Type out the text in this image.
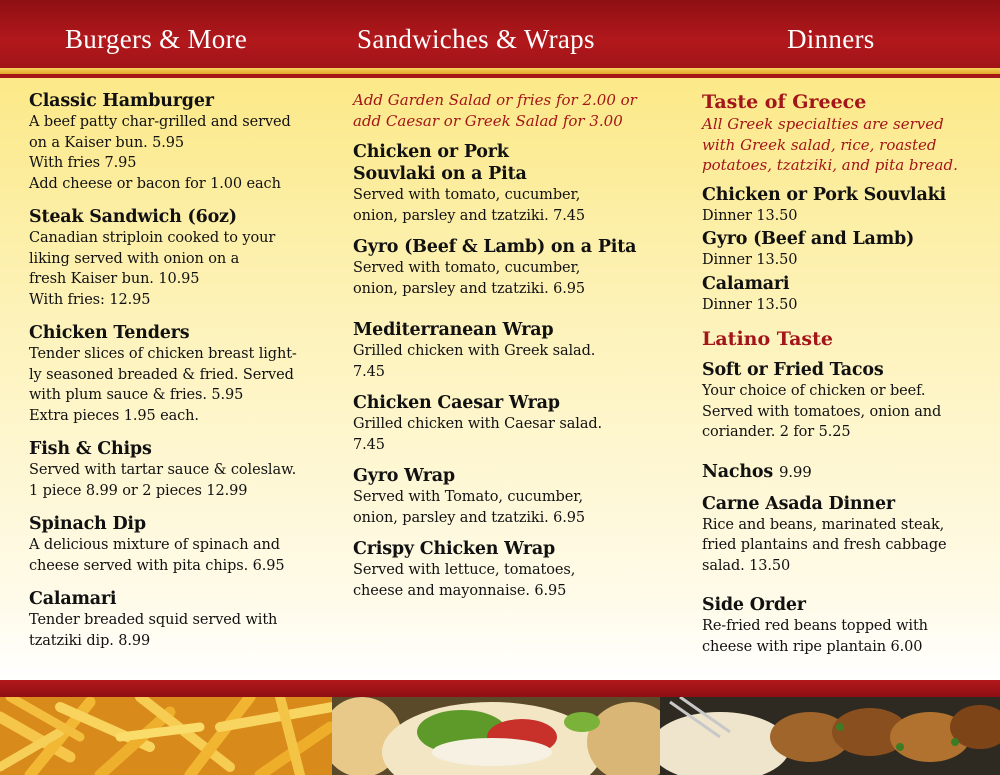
Burgers & More	Sandwiches & Wraps	Dinners
Classic Hamburger
A beef patty char-grilled and served
on a Kaiser bun. 5.95
With fries 7.95
Add cheese or bacon for 1.00 each
Steak Sandwich (6oz)
Canadian striploin cooked to your
liking served with onion on a
fresh Kaiser bun. 10.95
With fries: 12.95
Chicken Tenders
Tender slices of chicken breast light-
ly seasoned breaded & fried. Served
with plum sauce & fries. 5.95
Extra pieces 1.95 each.
Fish & Chips
Served with tartar sauce & coleslaw.
1 piece 8.99 or 2 pieces 12.99
Spinach Dip
A delicious mixture of spinach and
cheese served with pita chips. 6.95
Calamari
Tender breaded squid served with
tzatziki dip. 8.99
Add Garden Salad or fries for 2.00 or
add Caesar or Greek Salad for 3.00
Chicken or Pork
Souvlaki on a Pita
Served with tomato, cucumber,
onion, parsley and tzatziki. 7.45
Gyro (Beef & Lamb) on a Pita
Served with tomato, cucumber,
onion, parsley and tzatziki. 6.95
Mediterranean Wrap
Grilled chicken with Greek salad.
7.45
Chicken Caesar Wrap
Grilled chicken with Caesar salad.
7.45
Gyro Wrap
Served with Tomato, cucumber,
onion, parsley and tzatziki. 6.95
Crispy Chicken Wrap
Served with lettuce, tomatoes,
cheese and mayonnaise. 6.95
Taste of Greece
All Greek specialties are served
with Greek salad, rice, roasted
potatoes, tzatziki, and pita bread.
Chicken or Pork Souvlaki
Dinner 13.50
Gyro (Beef and Lamb)
Dinner 13.50
Calamari
Dinner 13.50
Latino Taste
Soft or Fried Tacos
Your choice of chicken or beef.
Served with tomatoes, onion and
coriander. 2 for 5.25
Nachos 9.99
Carne Asada Dinner
Rice and beans, marinated steak,
fried plantains and fresh cabbage
salad. 13.50
Side Order
Re-fried red beans topped with
cheese with ripe plantain 6.00
